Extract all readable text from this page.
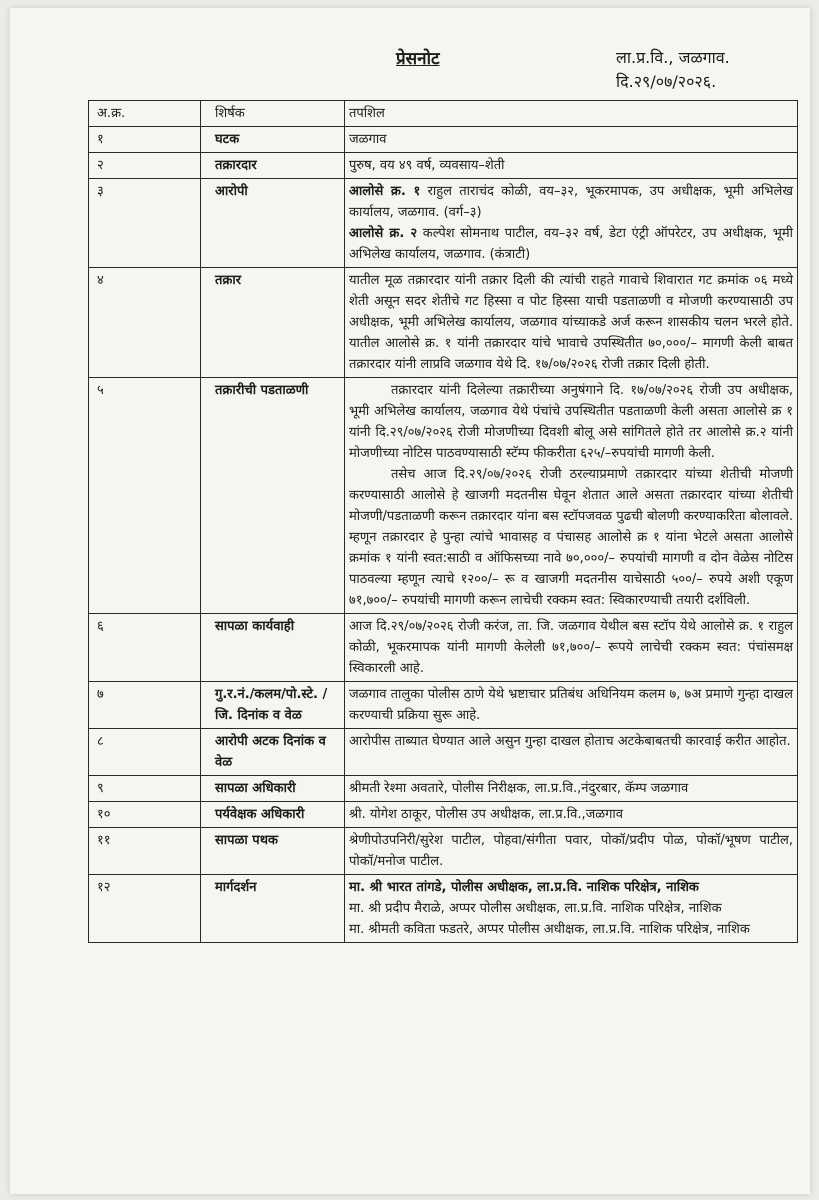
प्रेसनोट	ला.प्र.वि., जळगाव.
दि.२९/०७/२०२६.
अ.क्र.	शिर्षक	तपशिल
१	घटक	जळगाव
२	तक्रारदार	पुरुष, वय ४९ वर्ष, व्यवसाय–शेती
३	आरोपी	आलोसे क्र. १ राहुल ताराचंद कोळी, वय–३२, भूकरमापक, उप अधीक्षक, भूमी अभिलेख कार्यालय, जळगाव. (वर्ग–३)

आलोसे क्र. २ कल्पेश सोमनाथ पाटील, वय–३२ वर्ष, डेटा एंट्री ऑपरेटर, उप अधीक्षक, भूमी अभिलेख कार्यालय, जळगाव. (कंत्राटी)

४	तक्रार	यातील मूळ तक्रारदार यांनी तक्रार दिली की त्यांची राहते गावाचे शिवारात गट क्रमांक ०६ मध्ये शेती असून सदर शेतीचे गट हिस्सा व पोट हिस्सा याची पडताळणी व मोजणी करण्यासाठी उप अधीक्षक, भूमी अभिलेख कार्यालय, जळगाव यांच्याकडे अर्ज करून शासकीय चलन भरले होते. यातील आलोसे क्र. १ यांनी तक्रारदार यांचे भावाचे उपस्थितीत ७०,०००/– मागणी केली बाबत तक्रारदार यांनी लाप्रवि जळगाव येथे दि. १७/०७/२०२६ रोजी तक्रार दिली होती.
५	तक्रारीची पडताळणी	तक्रारदार यांनी दिलेल्या तक्रारीच्या अनुषंगाने दि. १७/०७/२०२६ रोजी उप अधीक्षक, भूमी अभिलेख कार्यालय, जळगाव येथे पंचांचे उपस्थितीत पडताळणी केली असता आलोसे क्र १ यांनी दि.२९/०७/२०२६ रोजी मोजणीच्या दिवशी बोलू असे सांगितले होते तर आलोसे क्र.२ यांनी मोजणीच्या नोटिस पाठवण्यासाठी स्टॅम्प फीकरीता ६२५/–रुपयांची मागणी केली.

तसेच आज दि.२९/०७/२०२६ रोजी ठरल्याप्रमाणे तक्रारदार यांच्या शेतीची मोजणी करण्यासाठी आलोसे हे खाजगी मदतनीस घेवून शेतात आले असता तक्रारदार यांच्या शेतीची मोजणी/पडताळणी करून तक्रारदार यांना बस स्टॉपजवळ पुढची बोलणी करण्याकरिता बोलावले. म्हणून तक्रारदार हे पुन्हा त्यांचे भावासह व पंचासह आलोसे क्र १ यांना भेटले असता आलोसे क्रमांक १ यांनी स्वत:साठी व ऑफिसच्या नावे ७०,०००/– रुपयांची मागणी व दोन वेळेस नोटिस पाठवल्या म्हणून त्याचे १२००/– रू व खाजगी मदतनीस याचेसाठी ५००/– रुपये अशी एकूण ७१,७००/– रुपयांची मागणी करून लाचेची रक्कम स्वत: स्विकारण्याची तयारी दर्शविली.

६	सापळा कार्यवाही	आज दि.२९/०७/२०२६ रोजी करंज, ता. जि. जळगाव येथील बस स्टॉप येथे आलोसे क्र. १ राहुल कोळी, भूकरमापक यांनी मागणी केलेली ७१,७००/– रूपये लाचेची रक्कम स्वत: पंचांसमक्ष स्विकारली आहे.
७	गु.र.नं./कलम/पो.स्टे. /जि. दिनांक व वेळ	जळगाव तालुका पोलीस ठाणे येथे भ्रष्टाचार प्रतिबंध अधिनियम कलम ७, ७अ प्रमाणे गुन्हा दाखल करण्याची प्रक्रिया सुरू आहे.
८	आरोपी अटक दिनांक व वेळ	आरोपीस ताब्यात घेण्यात आले असुन गुन्हा दाखल होताच अटकेबाबतची कारवाई करीत आहोत.
९	सापळा अधिकारी	श्रीमती रेश्मा अवतारे, पोलीस निरीक्षक, ला.प्र.वि.,नंदुरबार, कॅम्प जळगाव
१०	पर्यवेक्षक अधिकारी	श्री. योगेश ठाकूर, पोलीस उप अधीक्षक, ला.प्र.वि.,जळगाव
११	सापळा पथक	श्रेणीपोउपनिरी/सुरेश पाटील, पोहवा/संगीता पवार, पोकॉ/प्रदीप पोळ, पोकॉ/भूषण पाटील, पोकॉ/मनोज पाटील.
१२	मार्गदर्शन	मा. श्री भारत तांगडे, पोलीस अधीक्षक, ला.प्र.वि. नाशिक परिक्षेत्र, नाशिक

मा. श्री प्रदीप मैराळे, अप्पर पोलीस अधीक्षक, ला.प्र.वि. नाशिक परिक्षेत्र, नाशिक

मा. श्रीमती कविता फडतरे, अप्पर पोलीस अधीक्षक, ला.प्र.वि. नाशिक परिक्षेत्र, नाशिक
